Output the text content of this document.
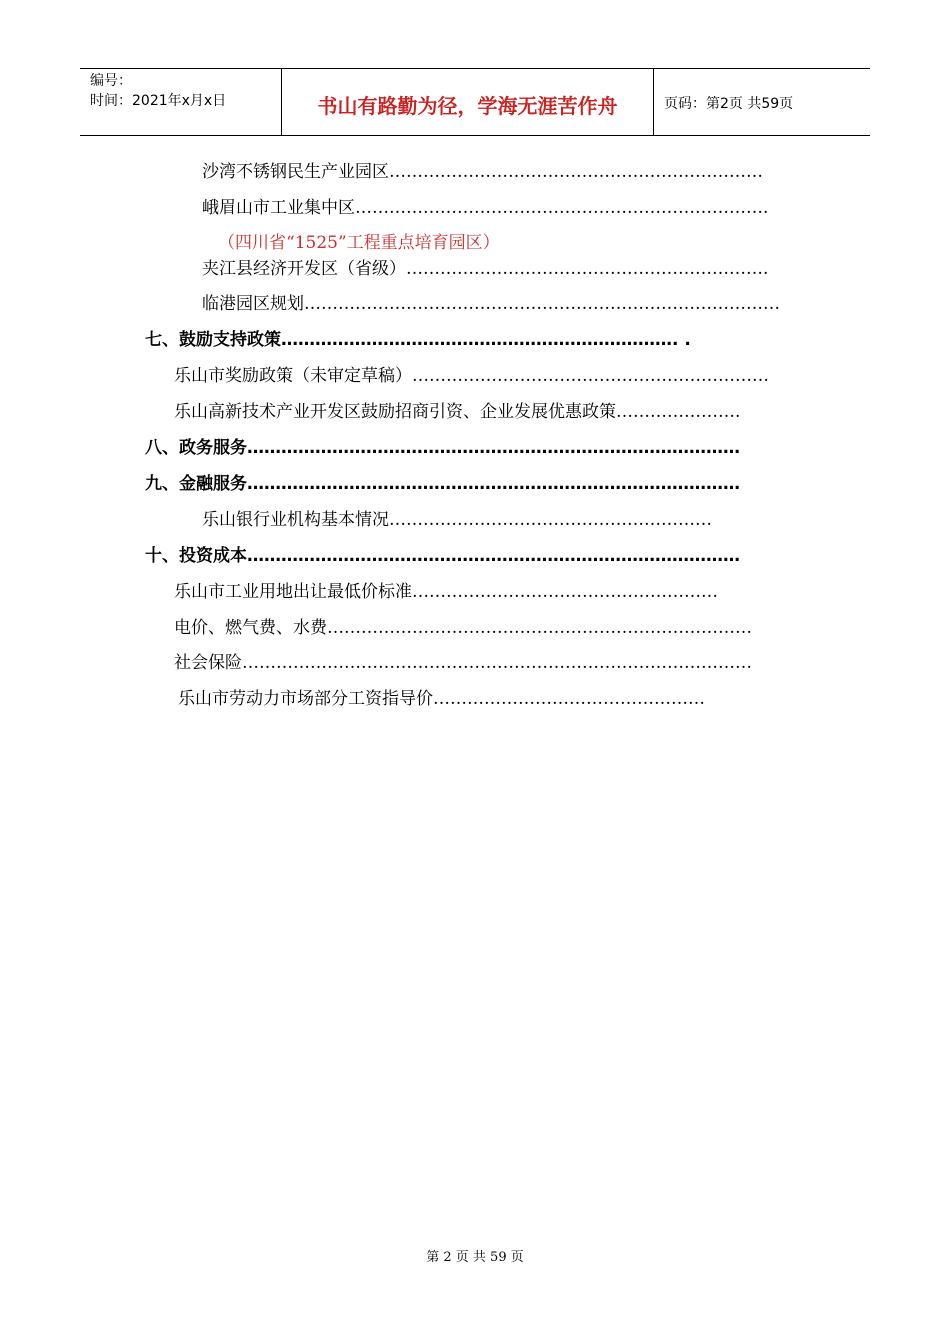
编号：
时间：2021年x月x日	书山有路勤为径，学海无涯苦作舟	页码：第2页 共59页
沙湾不锈钢民生产业园区…………………………………………………………
峨眉山市工业集中区……………………………………………………………….
（四川省“1525”工程重点培育园区）
夹江县经济开发区（省级）……………………………………………………….
临港园区规划…………………………………………………………………………
七、鼓励支持政策……………………………………………………………. .
乐山市奖励政策（未审定草稿）………………………………………………………
乐山高新技术产业开发区鼓励招商引资、企业发展优惠政策………………….
八、政务服务……………………………………………………………………………
九、金融服务……………………………………………………………………………
乐山银行业机构基本情况…………………………………………………
十、投资成本……………………………………………………………………………
乐山市工业用地出让最低价标准………………………………………………
电价、燃气费、水费…………………………………………………………………
社会保险………………………………………………………………………………
乐山市劳动力市场部分工资指导价…………………………………………
第 2 页 共 59 页
